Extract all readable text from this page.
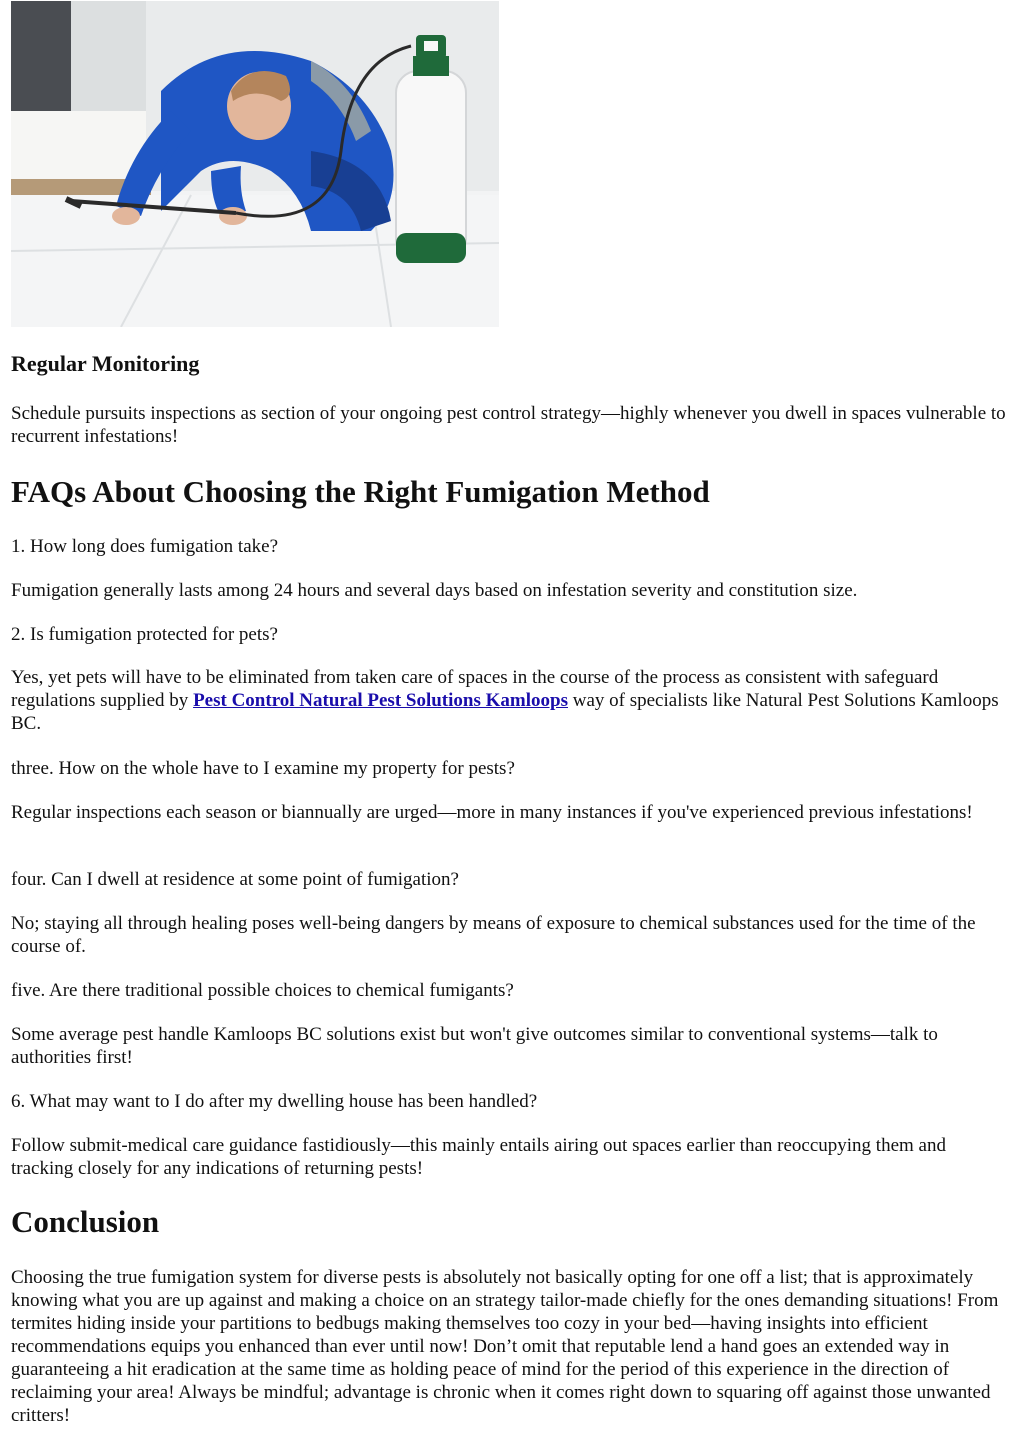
Regular Monitoring

Schedule pursuits inspections as section of your ongoing pest control strategy—highly whenever you dwell in spaces vulnerable to recurrent infestations!

FAQs About Choosing the Right Fumigation Method

1. How long does fumigation take?

Fumigation generally lasts among 24 hours and several days based on infestation severity and constitution size.

2. Is fumigation protected for pets?

Yes, yet pets will have to be eliminated from taken care of spaces in the course of the process as consistent with safeguard regulations supplied by Pest Control Natural Pest Solutions Kamloops way of specialists like Natural Pest Solutions Kamloops BC.

three. How on the whole have to I examine my property for pests?

Regular inspections each season or biannually are urged—more in many instances if you've experienced previous infestations!

four. Can I dwell at residence at some point of fumigation?

No; staying all through healing poses well-being dangers by means of exposure to chemical substances used for the time of the course of.

five. Are there traditional possible choices to chemical fumigants?

Some average pest handle Kamloops BC solutions exist but won't give outcomes similar to conventional systems—talk to authorities first!

6. What may want to I do after my dwelling house has been handled?

Follow submit-medical care guidance fastidiously—this mainly entails airing out spaces earlier than reoccupying them and tracking closely for any indications of returning pests!

Conclusion

Choosing the true fumigation system for diverse pests is absolutely not basically opting for one off a list; that is approximately knowing what you are up against and making a choice on an strategy tailor-made chiefly for the ones demanding situations! From termites hiding inside your partitions to bedbugs making themselves too cozy in your bed—having insights into efficient recommendations equips you enhanced than ever until now! Don’t omit that reputable lend a hand goes an extended way in guaranteeing a hit eradication at the same time as holding peace of mind for the period of this experience in the direction of reclaiming your area! Always be mindful; advantage is chronic when it comes right down to squaring off against those unwanted critters!
